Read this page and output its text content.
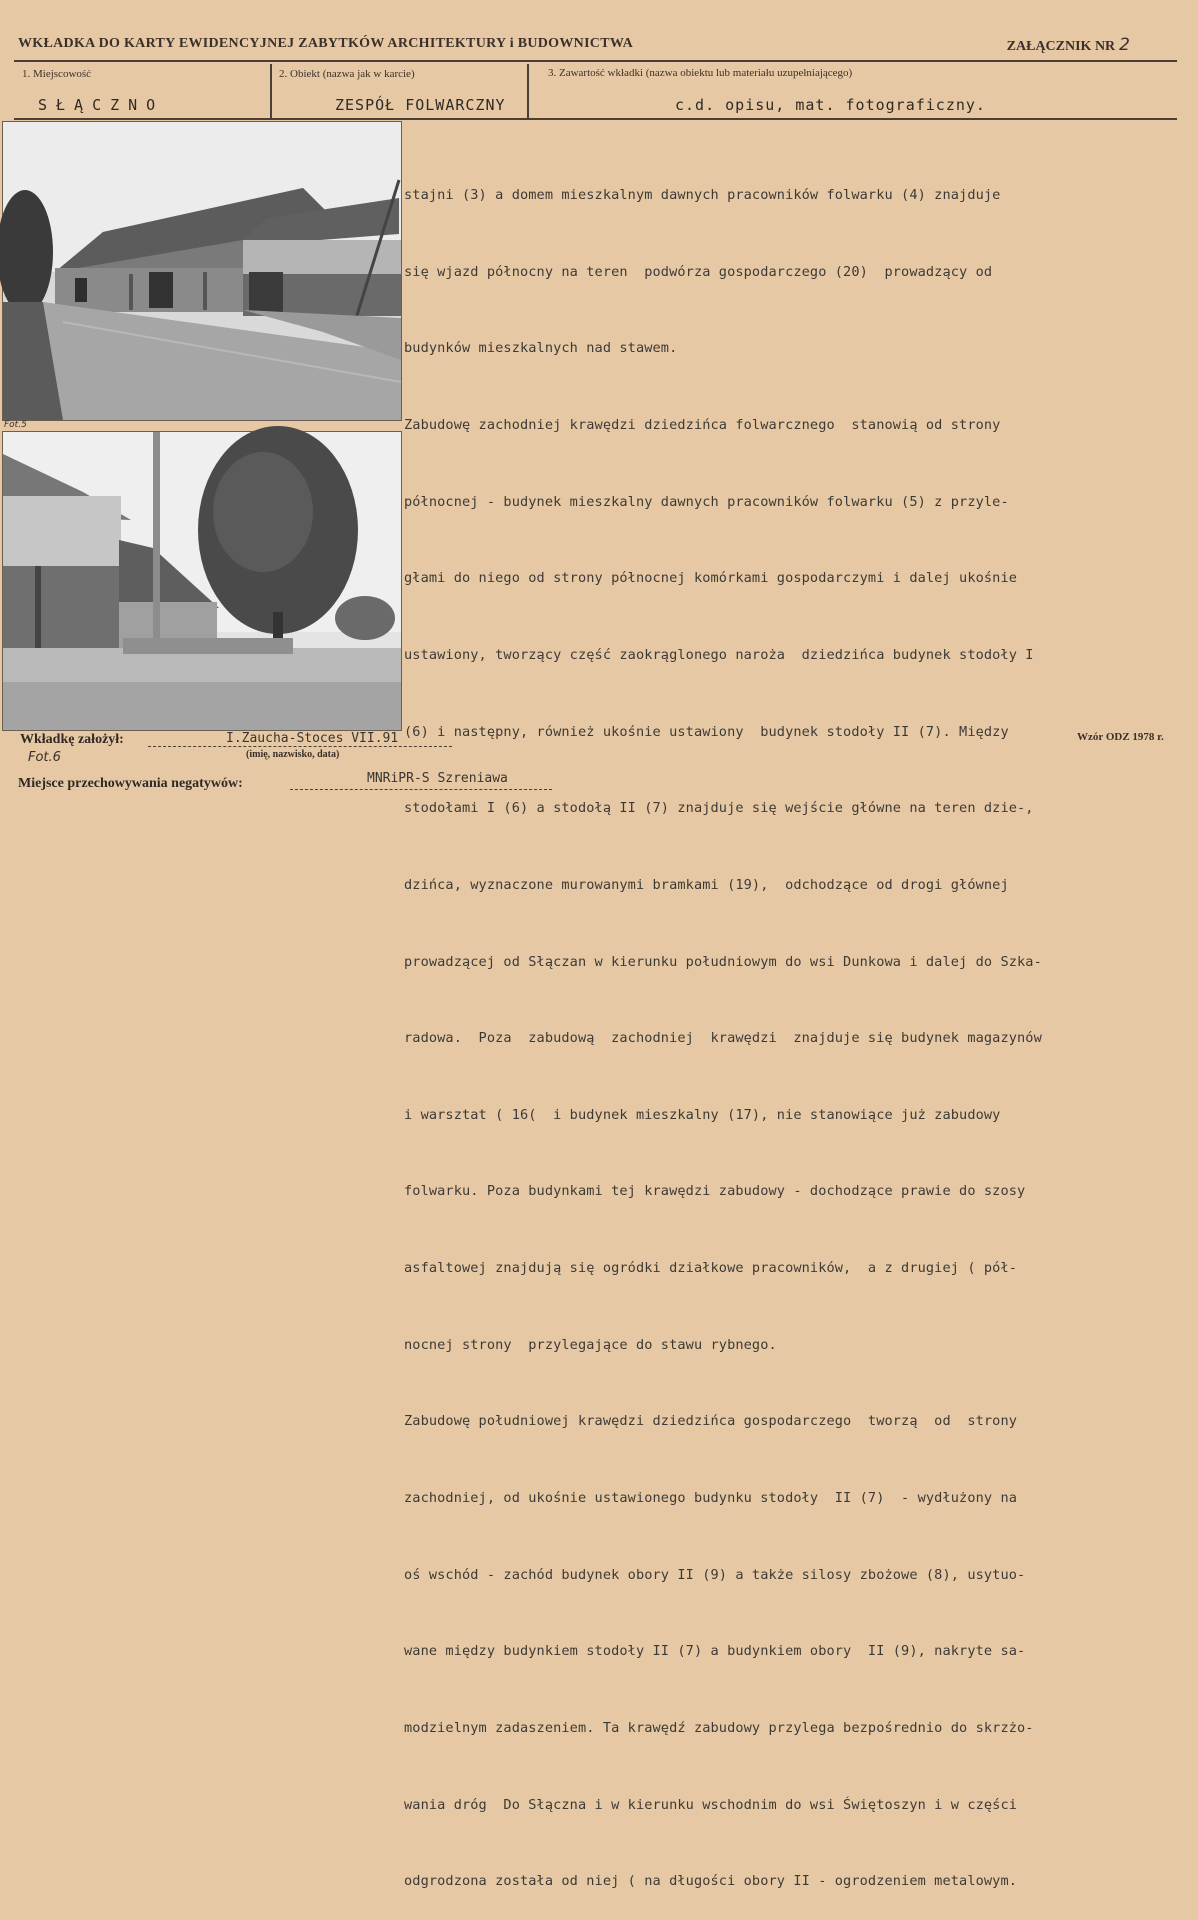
WKŁADKA DO KARTY EWIDENCYJNEJ ZABYTKÓW ARCHITEKTURY i BUDOWNICTWA	ZAŁĄCZNIK NR 2
1. Miejscowość	2. Obiekt (nazwa jak w karcie)	3. Zawartość wkładki (nazwa obiektu lub materiału uzupełniającego)
SŁĄCZNO	ZESPÓŁ FOLWARCZNY	c.d. opisu, mat. fotograficzny.
Fot.5

stajni (3) a domem mieszkalnym dawnych pracowników folwarku (4) znajduje

się wjazd północny na teren  podwórza gospodarczego (20)  prowadzący od

budynków mieszkalnych nad stawem.

Zabudowę zachodniej krawędzi dziedzińca folwarcznego  stanowią od strony

północnej - budynek mieszkalny dawnych pracowników folwarku (5) z przyle-

głami do niego od strony północnej komórkami gospodarczymi i dalej ukośnie

ustawiony, tworzący część zaokrąglonego naroża  dziedzińca budynek stodoły I

(6) i następny, również ukośnie ustawiony  budynek stodoły II (7). Między

stodołami I (6) a stodołą II (7) znajduje się wejście główne na teren dzie-,

dzińca, wyznaczone murowanymi bramkami (19),  odchodzące od drogi głównej

prowadzącej od Słączan w kierunku południowym do wsi Dunkowa i dalej do Szka-

radowa.  Poza  zabudową  zachodniej  krawędzi  znajduje się budynek magazynów

i warsztat ( 16(  i budynek mieszkalny (17), nie stanowiące już zabudowy

folwarku. Poza budynkami tej krawędzi zabudowy - dochodzące prawie do szosy

asfaltowej znajdują się ogródki działkowe pracowników,  a z drugiej ( pół-

nocnej strony  przylegające do stawu rybnego.

Zabudowę południowej krawędzi dziedzińca gospodarczego  tworzą  od  strony

zachodniej, od ukośnie ustawionego budynku stodoły  II (7)  - wydłużony na

oś wschód - zachód budynek obory II (9) a także silosy zbożowe (8), usytuo-

wane między budynkiem stodoły II (7) a budynkiem obory  II (9), nakryte sa-

modzielnym zadaszeniem. Ta krawędź zabudowy przylega bezpośrednio do skrzżo-

wania dróg  Do Słączna i w kierunku wschodnim do wsi Świętoszyn i w części

odgrodzona została od niej ( na długości obory II - ogrodzeniem metalowym.

Wkładkę założył:	I.Zaucha-Stoces VII.91
(imię, nazwisko, data)
Fot.6
Wzór ODZ 1978 r.
Miejsce przechowywania negatywów:	MNRiPR-S Szreniawa
